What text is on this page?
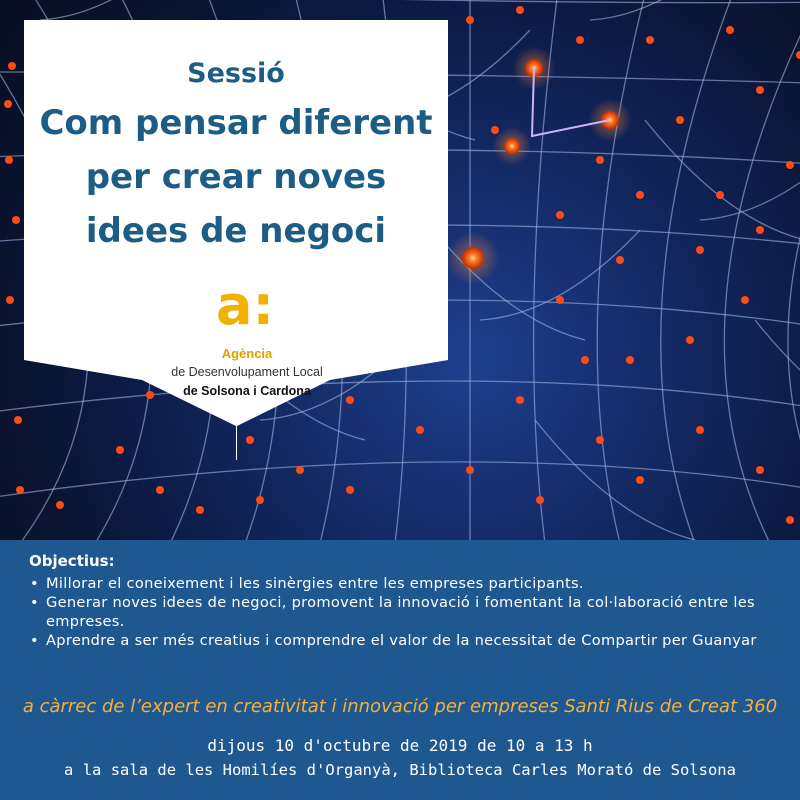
Sessió
Com pensar diferent
per crear noves
idees de negoci
a:
Agència
de Desenvolupament Local
de Solsona i Cardona
Objectius:
• Millorar el coneixement i les sinèrgies entre les empreses participants.
• Generar noves idees de negoci, promovent la innovació i fomentant la col·laboració entre les empreses.
• Aprendre a ser més creatius i comprendre el valor de la necessitat de Compartir per Guanyar
a càrrec de l’expert en creativitat i innovació per empreses Santi Rius de Creat 360
dijous 10 d'octubre de 2019 de 10 a 13 h
a la sala de les Homilíes d'Organyà, Biblioteca Carles Morató de Solsona
